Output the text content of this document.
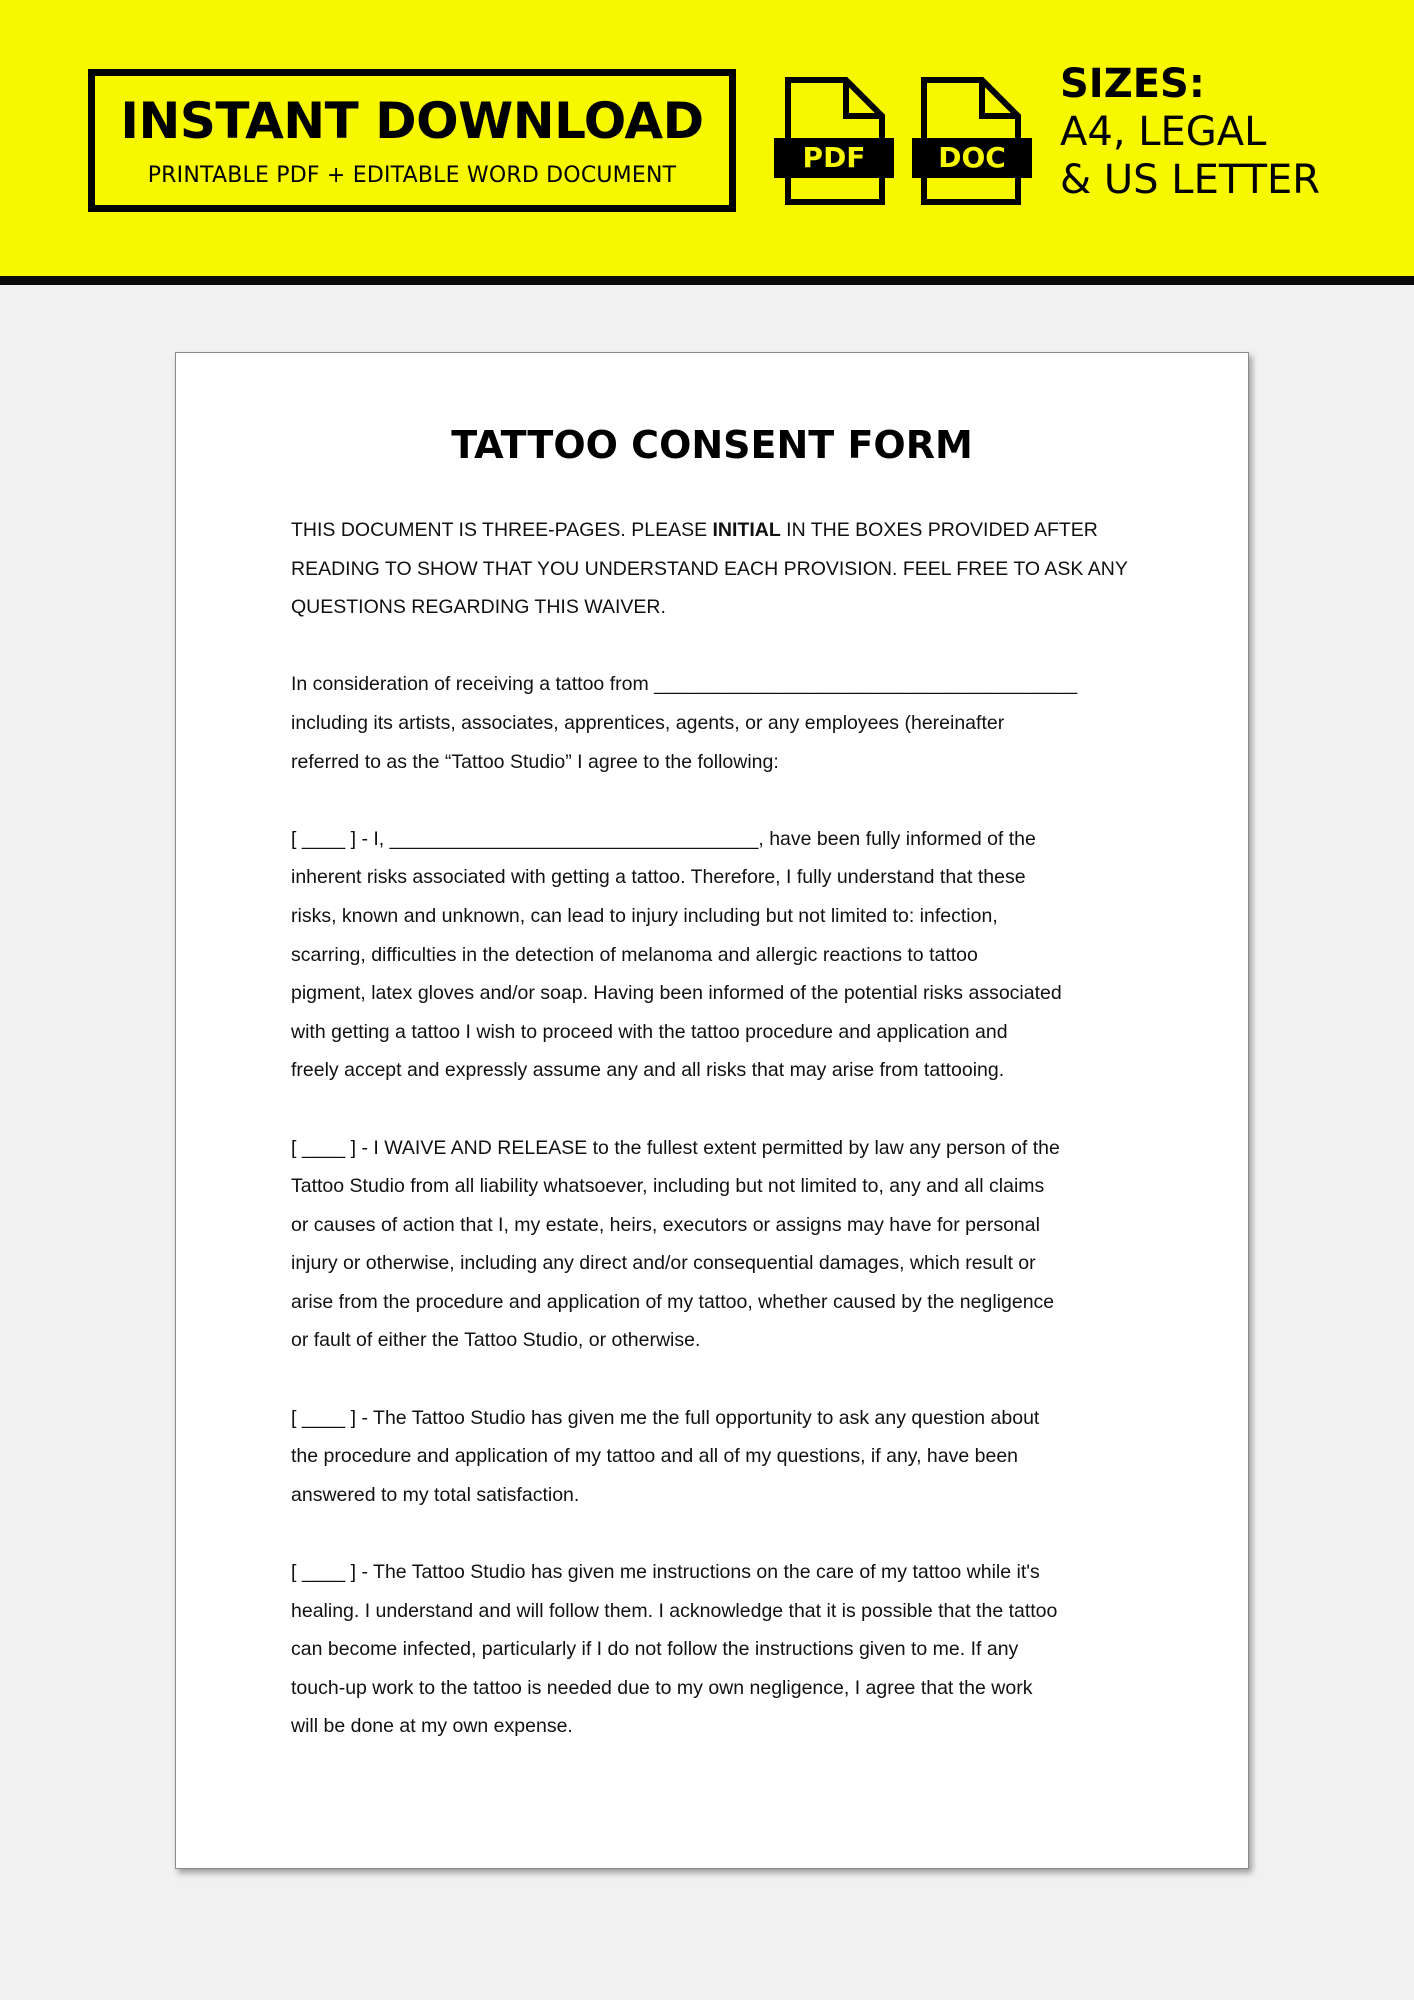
INSTANT DOWNLOAD
PRINTABLE PDF + EDITABLE WORD DOCUMENT
PDF	DOC
SIZES:
A4, LEGAL
& US LETTER
TATTOO CONSENT FORM
THIS DOCUMENT IS THREE-PAGES. PLEASE INITIAL IN THE BOXES PROVIDED AFTER
READING TO SHOW THAT YOU UNDERSTAND EACH PROVISION. FEEL FREE TO ASK ANY
QUESTIONS REGARDING THIS WAIVER.
In consideration of receiving a tattoo from _______________________________________
including its artists, associates, apprentices, agents, or any employees (hereinafter
referred to as the “Tattoo Studio” I agree to the following:
[ ____ ] - I, __________________________________, have been fully informed of the
inherent risks associated with getting a tattoo. Therefore, I fully understand that these
risks, known and unknown, can lead to injury including but not limited to: infection,
scarring, difficulties in the detection of melanoma and allergic reactions to tattoo
pigment, latex gloves and/or soap. Having been informed of the potential risks associated
with getting a tattoo I wish to proceed with the tattoo procedure and application and
freely accept and expressly assume any and all risks that may arise from tattooing.
[ ____ ] - I WAIVE AND RELEASE to the fullest extent permitted by law any person of the
Tattoo Studio from all liability whatsoever, including but not limited to, any and all claims
or causes of action that I, my estate, heirs, executors or assigns may have for personal
injury or otherwise, including any direct and/or consequential damages, which result or
arise from the procedure and application of my tattoo, whether caused by the negligence
or fault of either the Tattoo Studio, or otherwise.
[ ____ ] - The Tattoo Studio has given me the full opportunity to ask any question about
the procedure and application of my tattoo and all of my questions, if any, have been
answered to my total satisfaction.
[ ____ ] - The Tattoo Studio has given me instructions on the care of my tattoo while it's
healing. I understand and will follow them. I acknowledge that it is possible that the tattoo
can become infected, particularly if I do not follow the instructions given to me. If any
touch-up work to the tattoo is needed due to my own negligence, I agree that the work
will be done at my own expense.
